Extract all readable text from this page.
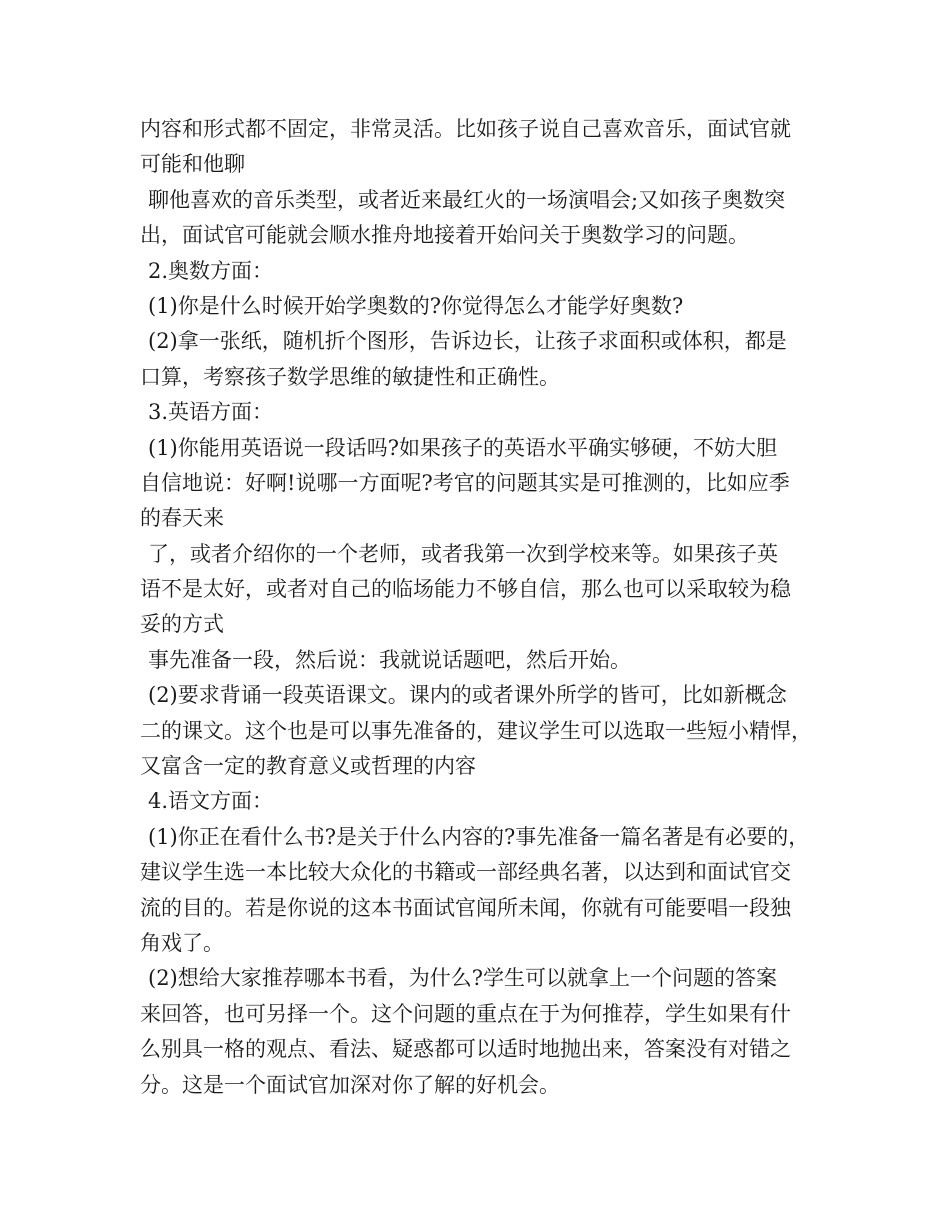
内容和形式都不固定，非常灵活。比如孩子说自己喜欢音乐，面试官就
可能和他聊
聊他喜欢的音乐类型，或者近来最红火的一场演唱会;又如孩子奥数突
出，面试官可能就会顺水推舟地接着开始问关于奥数学习的问题。
2.奥数方面：
(1)你是什么时候开始学奥数的?你觉得怎么才能学好奥数?
(2)拿一张纸，随机折个图形，告诉边长，让孩子求面积或体积，都是
口算，考察孩子数学思维的敏捷性和正确性。
3.英语方面：
(1)你能用英语说一段话吗?如果孩子的英语水平确实够硬，不妨大胆
自信地说：好啊!说哪一方面呢?考官的问题其实是可推测的，比如应季
的春天来
了，或者介绍你的一个老师，或者我第一次到学校来等。如果孩子英
语不是太好，或者对自己的临场能力不够自信，那么也可以采取较为稳
妥的方式
事先准备一段，然后说：我就说话题吧，然后开始。
(2)要求背诵一段英语课文。课内的或者课外所学的皆可，比如新概念
二的课文。这个也是可以事先准备的，建议学生可以选取一些短小精悍，
又富含一定的教育意义或哲理的内容
4.语文方面：
(1)你正在看什么书?是关于什么内容的?事先准备一篇名著是有必要的，
建议学生选一本比较大众化的书籍或一部经典名著，以达到和面试官交
流的目的。若是你说的这本书面试官闻所未闻，你就有可能要唱一段独
角戏了。
(2)想给大家推荐哪本书看，为什么?学生可以就拿上一个问题的答案
来回答，也可另择一个。这个问题的重点在于为何推荐，学生如果有什
么别具一格的观点、看法、疑惑都可以适时地抛出来，答案没有对错之
分。这是一个面试官加深对你了解的好机会。
